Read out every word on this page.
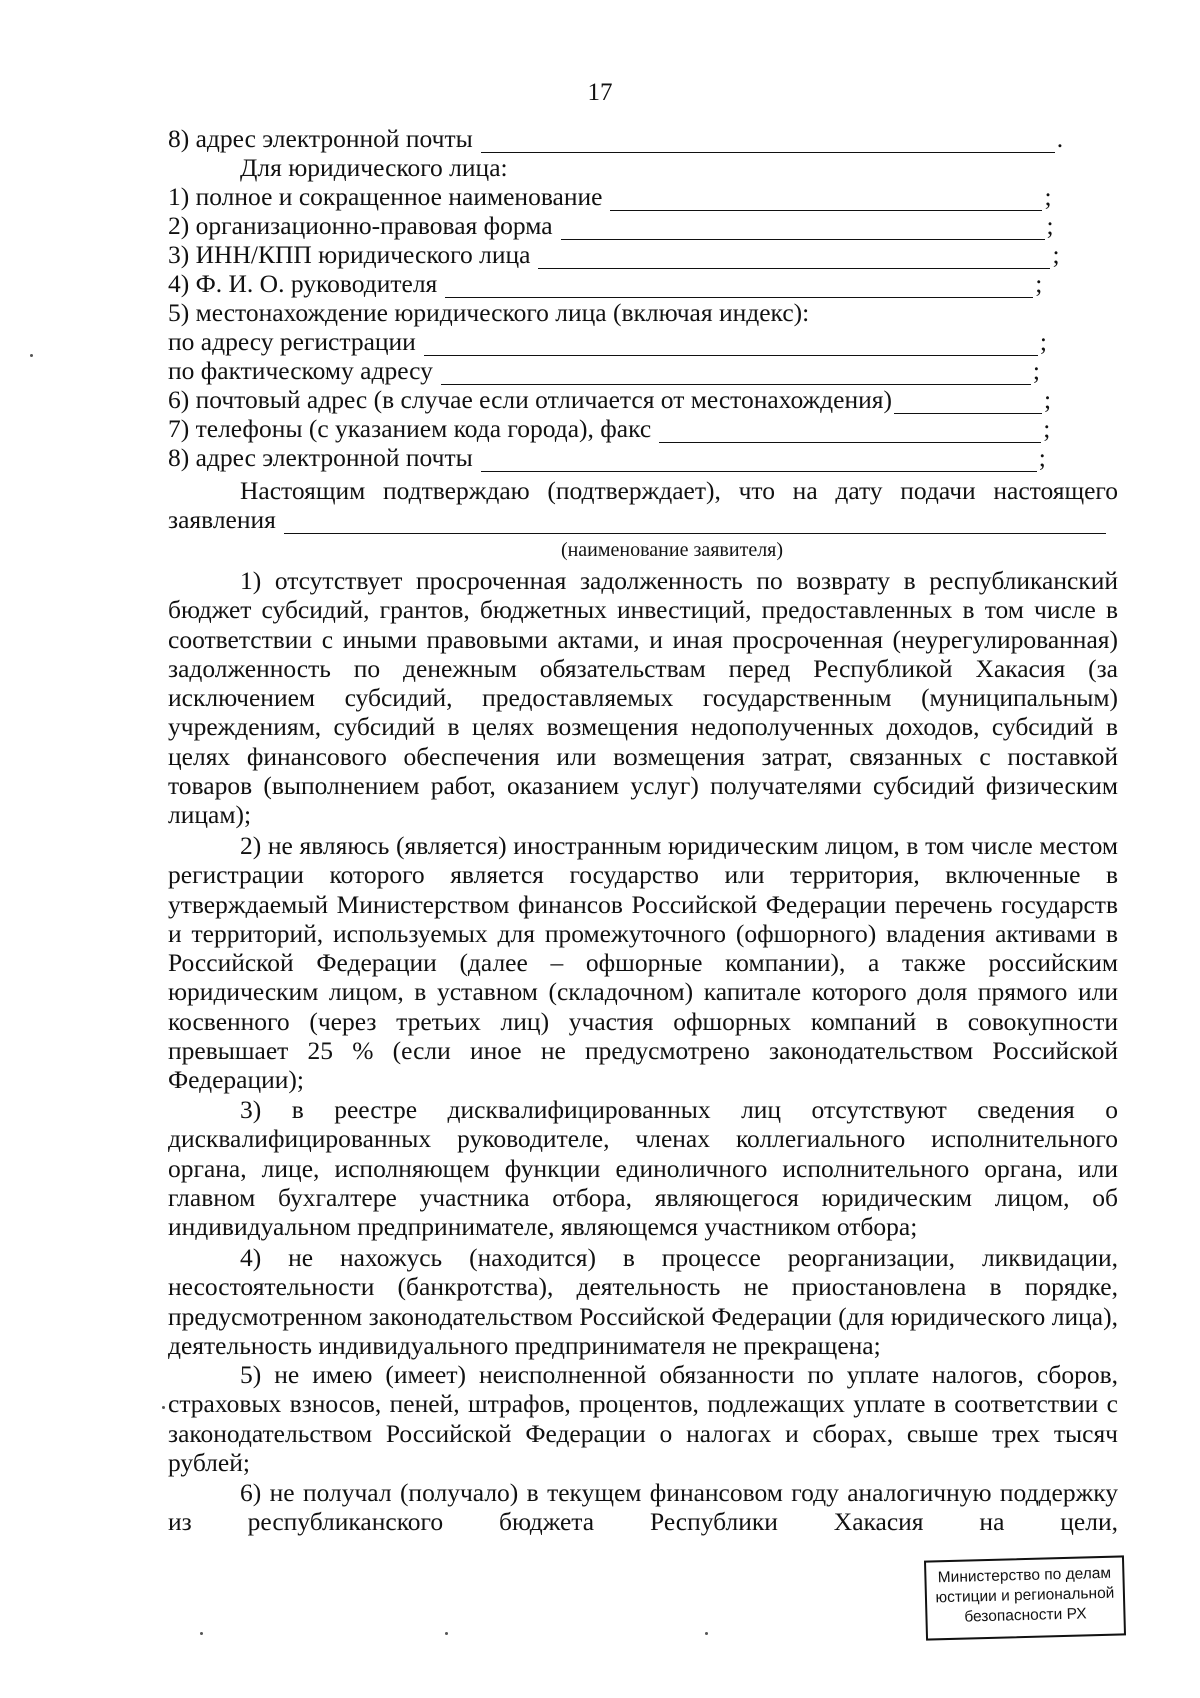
17
8) адрес электронной почты	.
Для юридического лица:
1) полное и сокращенное наименование	;
2) организационно-правовая форма	;
3) ИНН/КПП юридического лица	;
4) Ф. И. О. руководителя	;
5) местонахождение юридического лица (включая индекс):
по адресу регистрации	;
по фактическому адресу	;
6) почтовый адрес (в случае если отличается от местонахождения)	;
7) телефоны (с указанием кода города), факс	;
8) адрес электронной почты	;
Настоящим подтверждаю (подтверждает), что на дату подачи настоящего
заявления
(наименование заявителя)
1) отсутствует просроченная задолженность по возврату в республиканский бюджет субсидий, грантов, бюджетных инвестиций, предоставленных в том числе в соответствии с иными правовыми актами, и иная просроченная (неурегулированная) задолженность по денежным обязательствам перед Республикой Хакасия (за исключением субсидий, предоставляемых государственным (муниципальным) учреждениям, субсидий в целях возмещения недополученных доходов, субсидий в целях финансового обеспечения или возмещения затрат, связанных с поставкой товаров (выполнением работ, оказанием услуг) получателями субсидий физическим лицам);
2) не являюсь (является) иностранным юридическим лицом, в том числе местом регистрации которого является государство или территория, включенные в утверждаемый Министерством финансов Российской Федерации перечень государств и территорий, используемых для промежуточного (офшорного) владения активами в Российской Федерации (далее – офшорные компании), а также российским юридическим лицом, в уставном (складочном) капитале которого доля прямого или косвенного (через третьих лиц) участия офшорных компаний в совокупности превышает 25 % (если иное не предусмотрено законодательством Российской Федерации);
3) в реестре дисквалифицированных лиц отсутствуют сведения о дисквалифицированных руководителе, членах коллегиального исполнительного органа, лице, исполняющем функции единоличного исполнительного органа, или главном бухгалтере участника отбора, являющегося юридическим лицом, об индивидуальном предпринимателе, являющемся участником отбора;
4) не нахожусь (находится) в процессе реорганизации, ликвидации, несостоятельности (банкротства), деятельность не приостановлена в порядке, предусмотренном законодательством Российской Федерации (для юридического лица), деятельность индивидуального предпринимателя не прекращена;
5) не имею (имеет) неисполненной обязанности по уплате налогов, сборов, страховых взносов, пеней, штрафов, процентов, подлежащих уплате в соответствии с законодательством Российской Федерации о налогах и сборах, свыше трех тысяч рублей;
6) не получал (получало) в текущем финансовом году аналогичную поддержку из республиканского бюджета Республики Хакасия на цели,
Министерство по делам
юстиции и региональной
безопасности РХ
